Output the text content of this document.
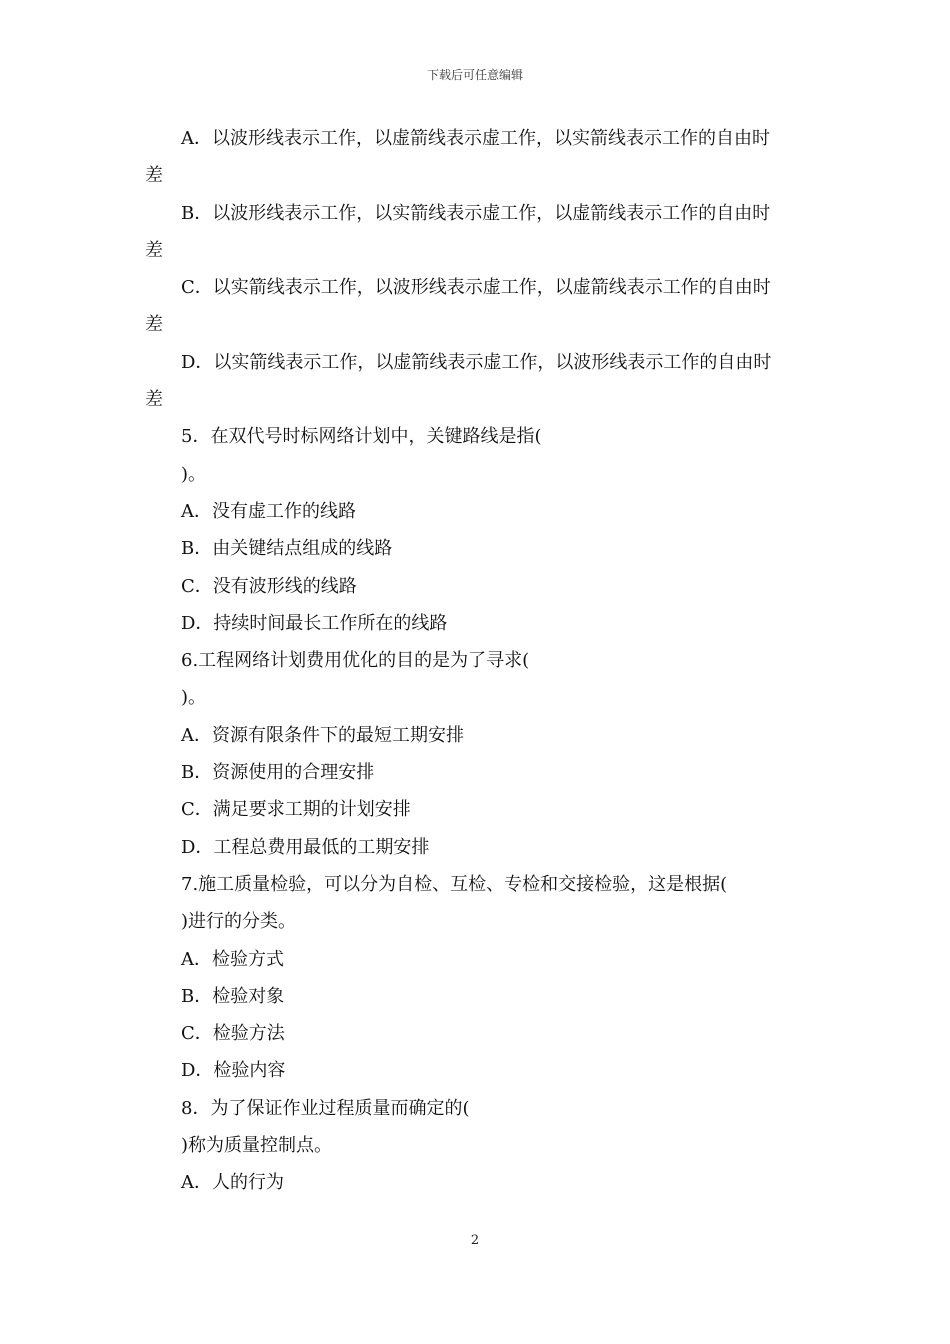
下载后可任意编辑
A．以波形线表示工作，以虚箭线表示虚工作，以实箭线表示工作的自由时
差
B．以波形线表示工作，以实箭线表示虚工作，以虚箭线表示工作的自由时
差
C．以实箭线表示工作，以波形线表示虚工作，以虚箭线表示工作的自由时
差
D．以实箭线表示工作，以虚箭线表示虚工作，以波形线表示工作的自由时
差
5．在双代号时标网络计划中，关键路线是指(
)。
A．没有虚工作的线路
B．由关键结点组成的线路
C．没有波形线的线路
D．持续时间最长工作所在的线路
6.工程网络计划费用优化的目的是为了寻求(
)。
A．资源有限条件下的最短工期安排
B．资源使用的合理安排
C．满足要求工期的计划安排
D．工程总费用最低的工期安排
7.施工质量检验，可以分为自检、互检、专检和交接检验，这是根据(
)进行的分类。
A．检验方式
B．检验对象
C．检验方法
D．检验内容
8．为了保证作业过程质量而确定的(
)称为质量控制点。
A．人的行为
2
